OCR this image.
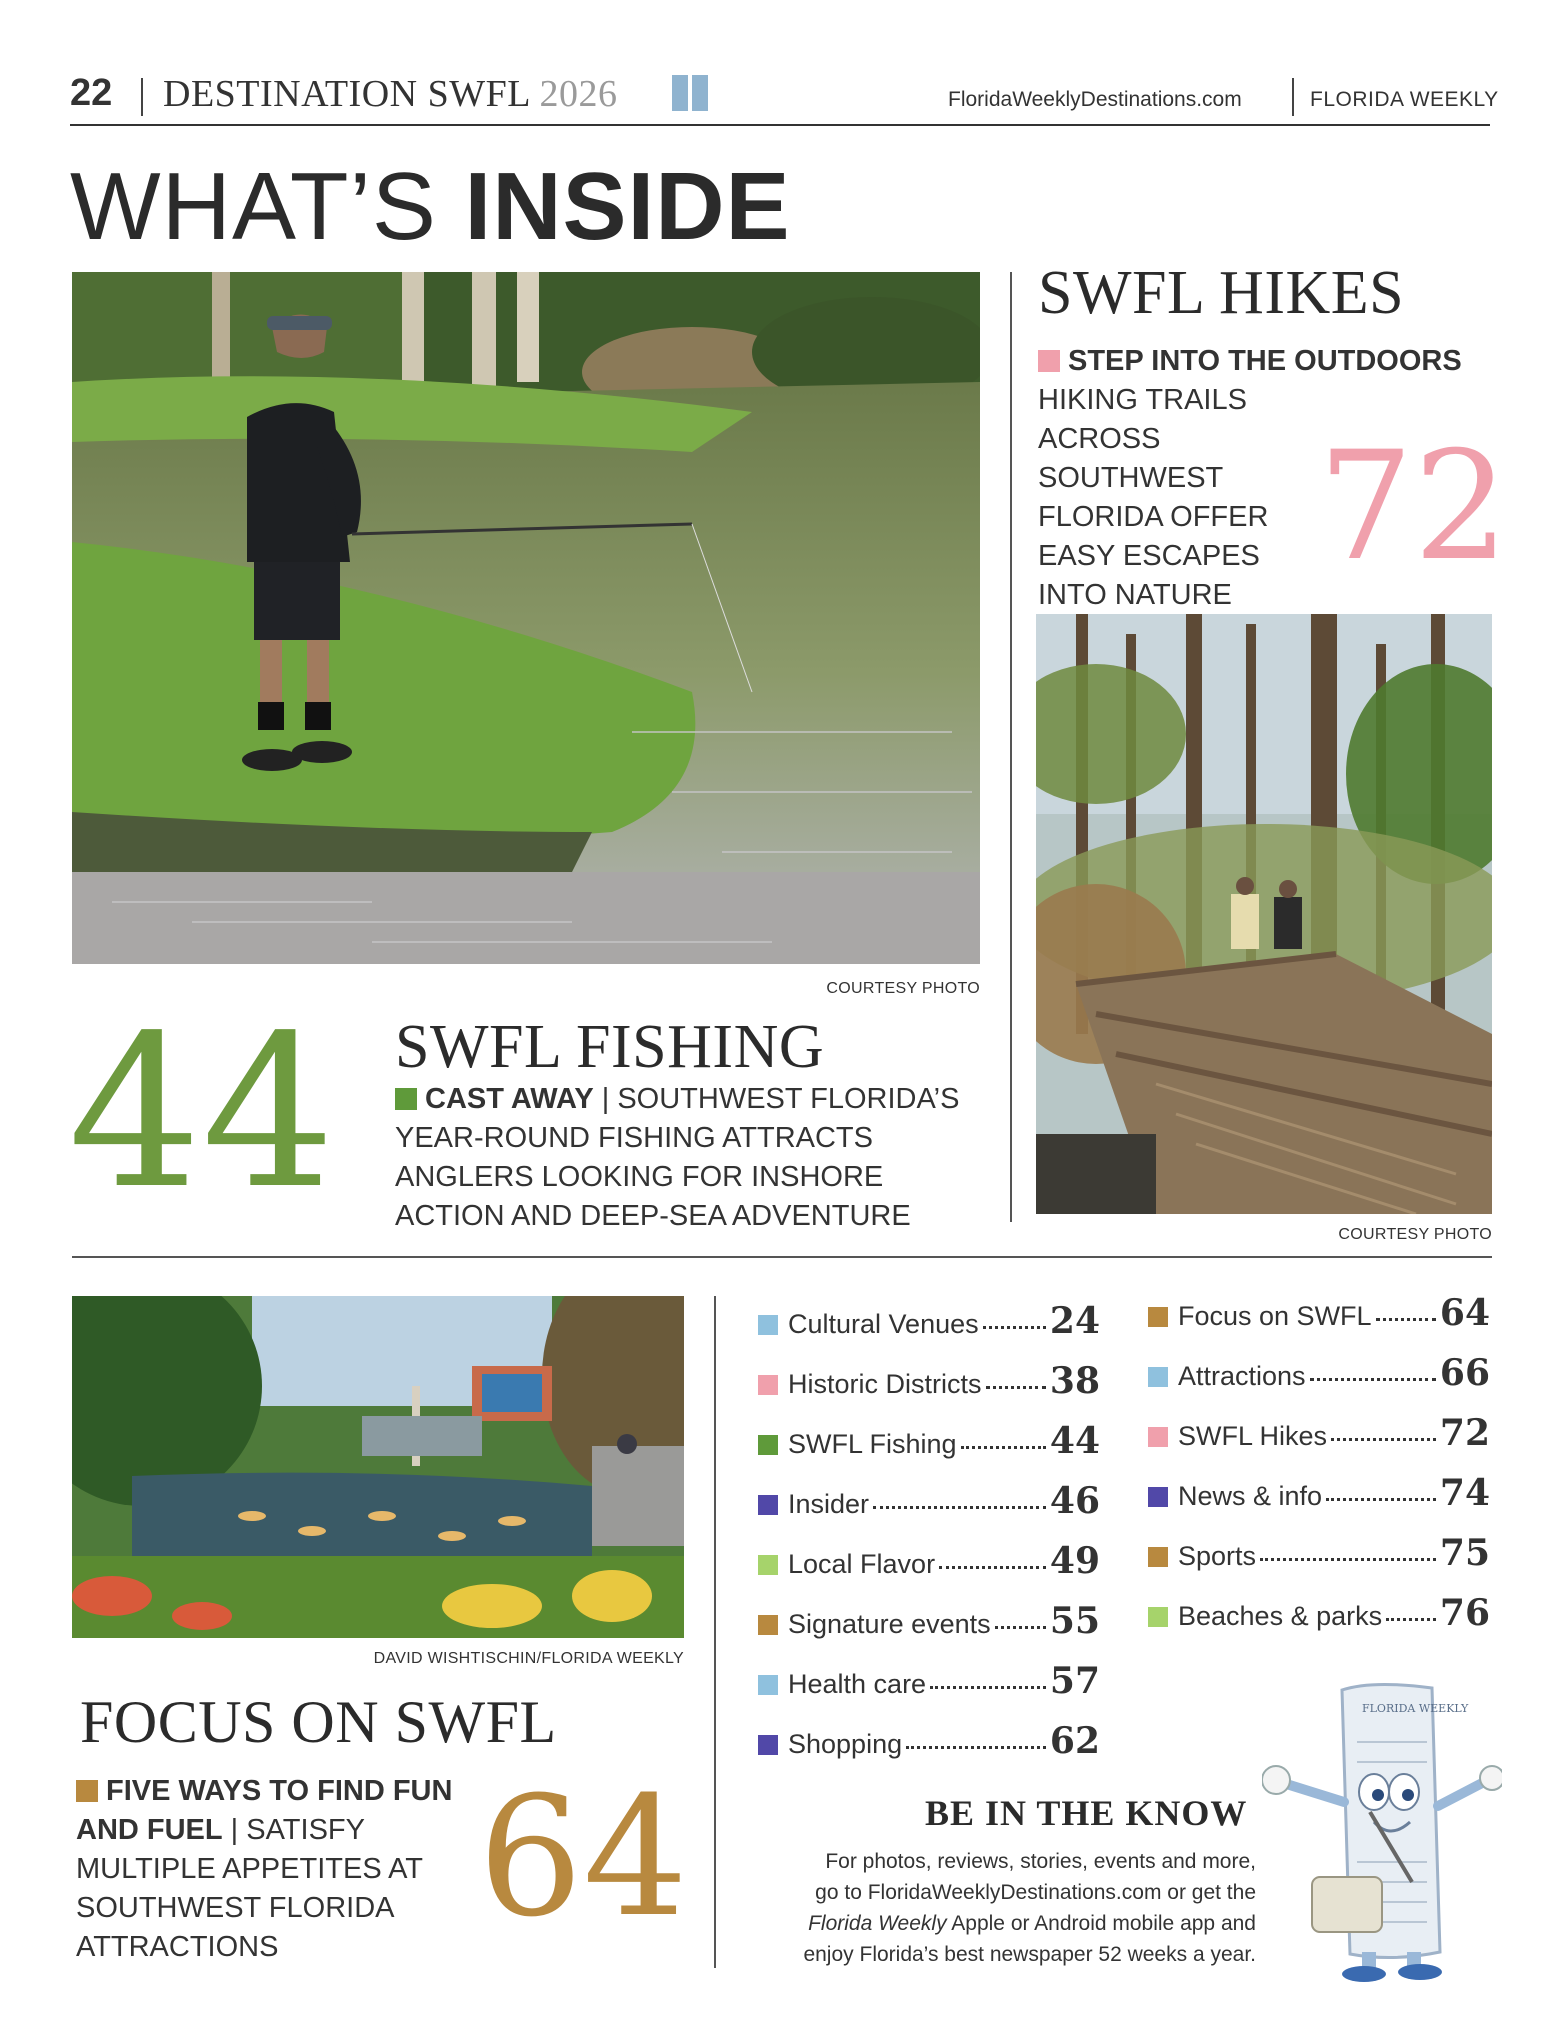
22 DESTINATION SWFL 2026	FloridaWeeklyDestinations.com	FLORIDA WEEKLY
WHAT’S INSIDE
COURTESY PHOTO
44 SWFL FISHING
CAST AWAY | SOUTHWEST FLORIDA’S YEAR-ROUND FISHING ATTRACTS ANGLERS LOOKING FOR INSHORE ACTION AND DEEP-SEA ADVENTURE
SWFL HIKES
STEP INTO THE OUTDOORS
HIKING TRAILS ACROSS
SOUTHWEST
FLORIDA OFFER
EASY ESCAPES
INTO NATURE
72
COURTESY PHOTO
DAVID WISHTISCHIN/FLORIDA WEEKLY
FOCUS ON SWFL
FIVE WAYS TO FIND FUN AND FUEL | SATISFY MULTIPLE APPETITES AT SOUTHWEST FLORIDA ATTRACTIONS	64
Cultural Venues 24
Historic Districts 38
SWFL Fishing	44
Insider	46
Local Flavor	49
Signature events 55
Health care	57
Shopping	62
Focus on SWFL 64
Attractions	66
SWFL Hikes	72
News & info	74
Sports	75
Beaches & parks 76
BE IN THE KNOW
For photos, reviews, stories, events and more,
go to FloridaWeeklyDestinations.com or get the
Florida Weekly Apple or Android mobile app and
enjoy Florida’s best newspaper 52 weeks a year.
FLORIDA WEEKLY
